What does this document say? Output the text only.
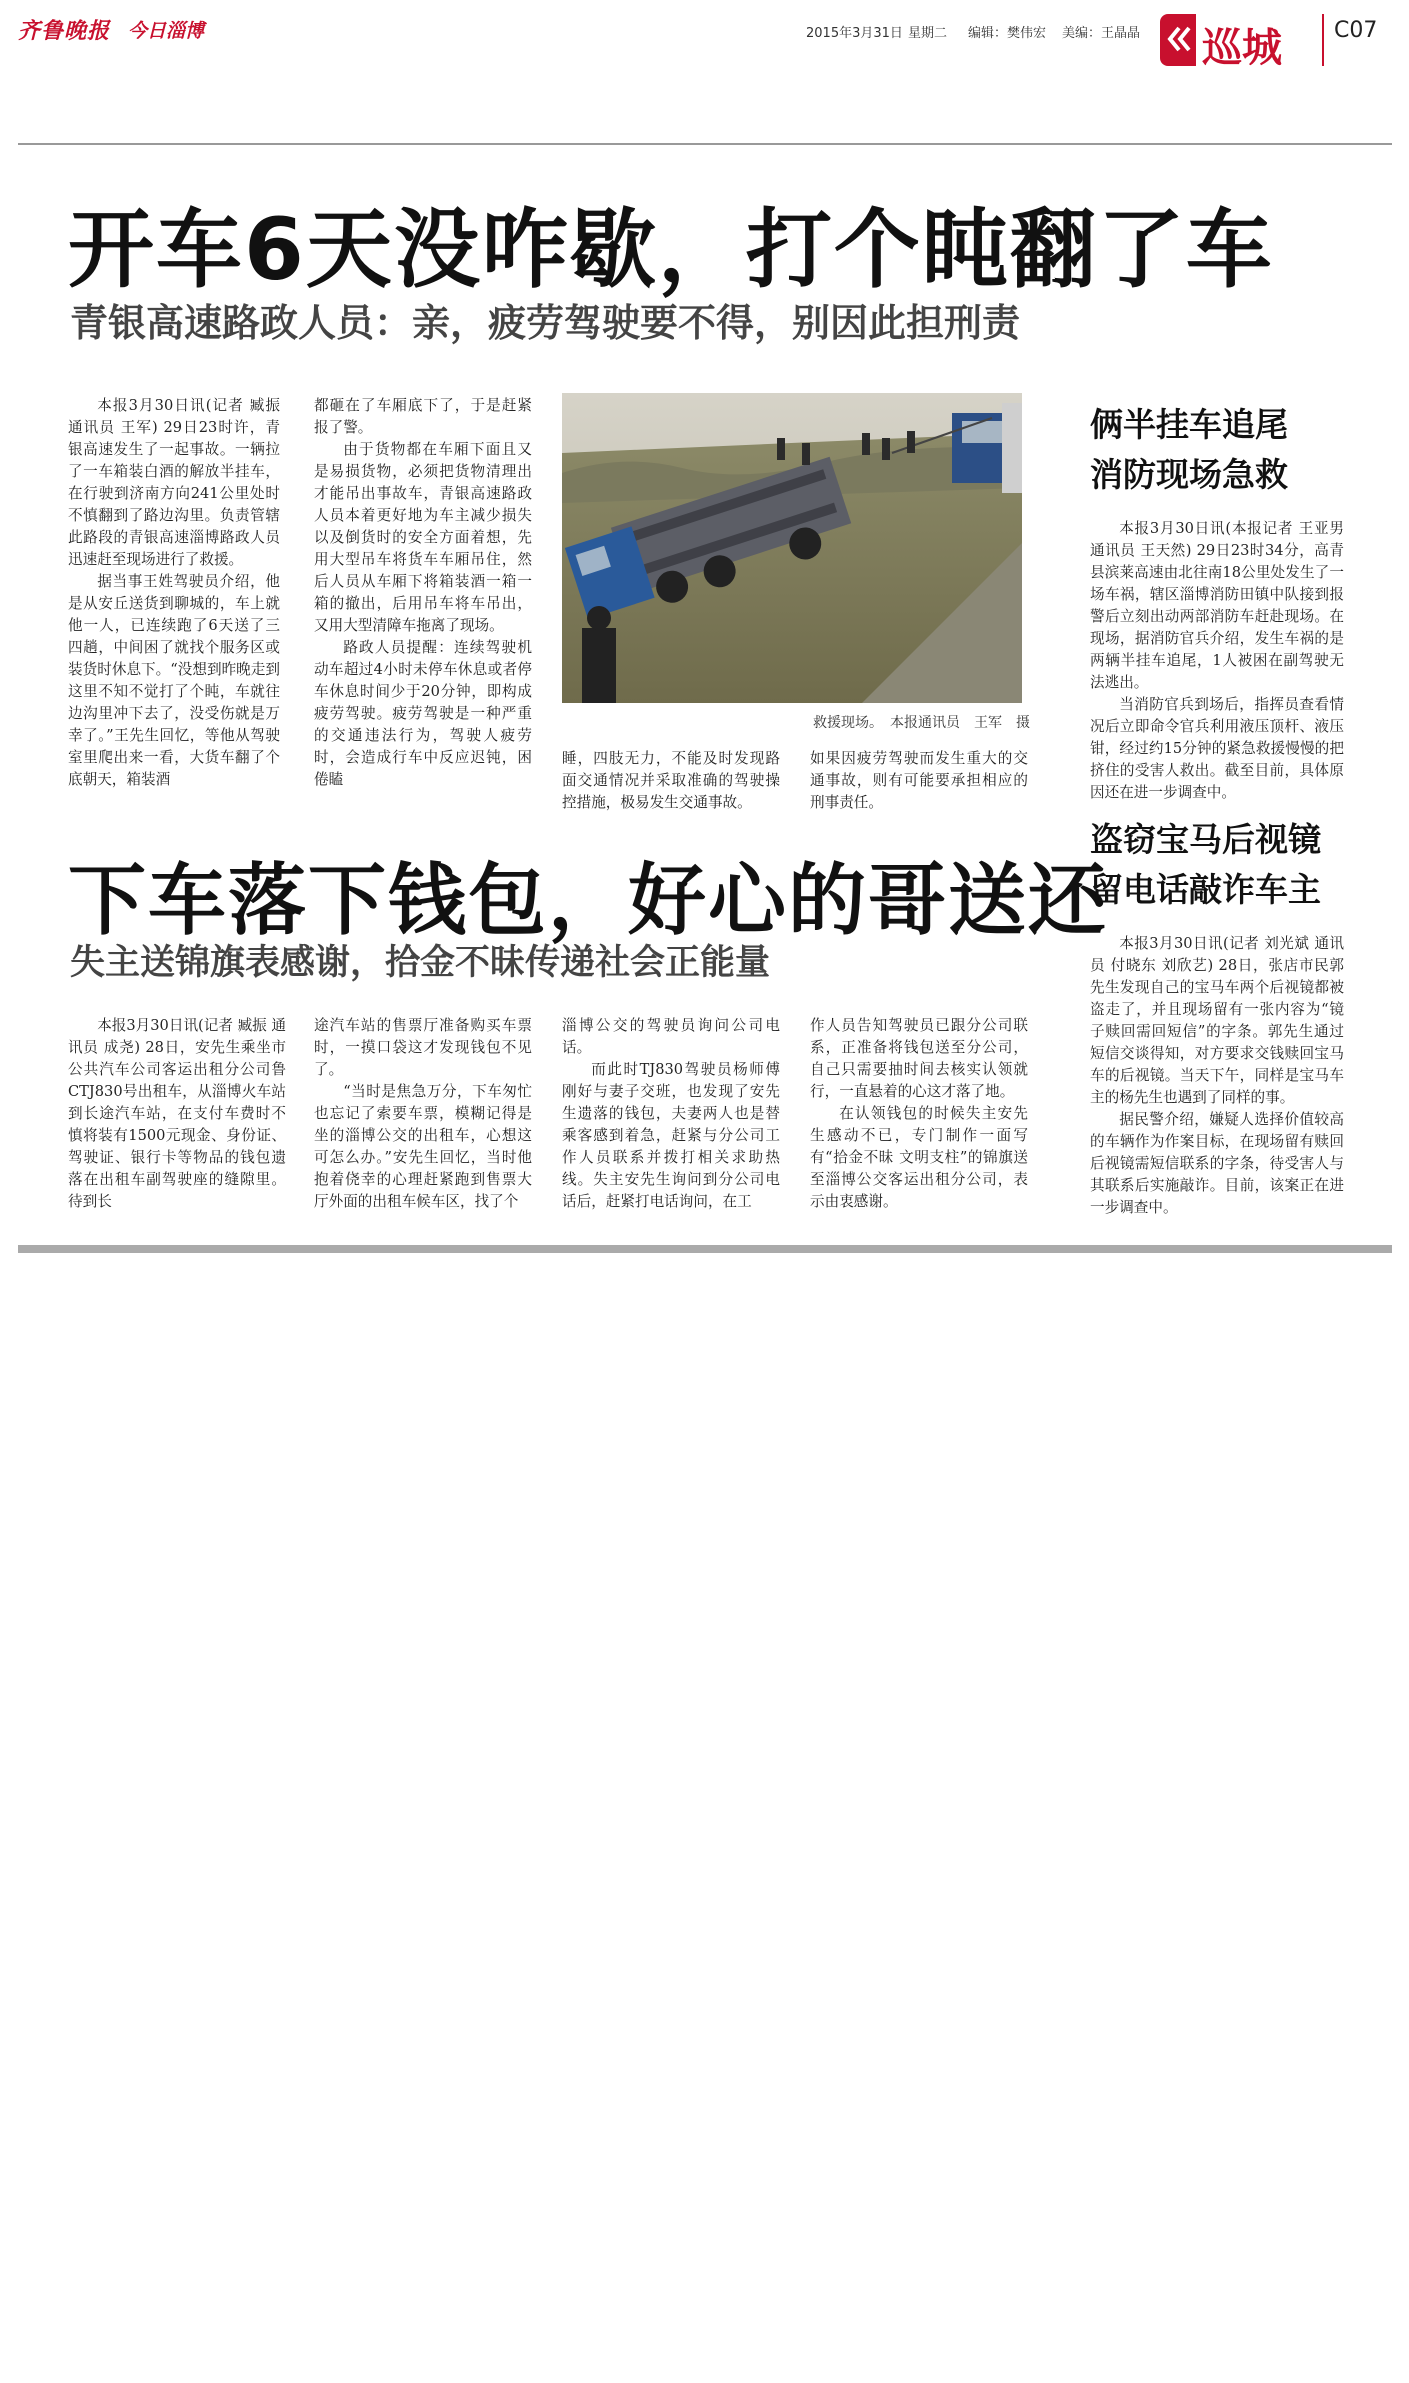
齐鲁晚报 今日淄博	2015年3月31日 星期二 编辑：樊伟宏 美编：王晶晶 巡城 C07
开车6天没咋歇，打个盹翻了车
青银高速路政人员：亲，疲劳驾驶要不得，别因此担刑责

本报3月30日讯(记者 臧振 通讯员 王军) 29日23时许，青银高速发生了一起事故。一辆拉了一车箱装白酒的解放半挂车，在行驶到济南方向241公里处时不慎翻到了路边沟里。负责管辖此路段的青银高速淄博路政人员迅速赶至现场进行了救援。

据当事王姓驾驶员介绍，他是从安丘送货到聊城的，车上就他一人，已连续跑了6天送了三四趟，中间困了就找个服务区或装货时休息下。“没想到昨晚走到这里不知不觉打了个盹，车就往边沟里冲下去了，没受伤就是万幸了。”王先生回忆，等他从驾驶室里爬出来一看，大货车翻了个底朝天，箱装酒

都砸在了车厢底下了，于是赶紧报了警。

由于货物都在车厢下面且又是易损货物，必须把货物清理出才能吊出事故车，青银高速路政人员本着更好地为车主减少损失以及倒货时的安全方面着想，先用大型吊车将货车车厢吊住，然后人员从车厢下将箱装酒一箱一箱的撤出，后用吊车将车吊出，又用大型清障车拖离了现场。

路政人员提醒：连续驾驶机动车超过4小时未停车休息或者停车休息时间少于20分钟，即构成疲劳驾驶。疲劳驾驶是一种严重的交通违法行为，驾驶人疲劳时，会造成行车中反应迟钝，困倦瞌

救援现场。　本报通讯员　王军　摄

睡，四肢无力，不能及时发现路面交通情况并采取准确的驾驶操控措施，极易发生交通事故。

如果因疲劳驾驶而发生重大的交通事故，则有可能要承担相应的刑事责任。

下车落下钱包，好心的哥送还
失主送锦旗表感谢，拾金不昧传递社会正能量

本报3月30日讯(记者 臧振 通讯员 成尧) 28日，安先生乘坐市公共汽车公司客运出租分公司鲁CTJ830号出租车，从淄博火车站到长途汽车站，在支付车费时不慎将装有1500元现金、身份证、驾驶证、银行卡等物品的钱包遗落在出租车副驾驶座的缝隙里。待到长

途汽车站的售票厅准备购买车票时，一摸口袋这才发现钱包不见了。

“当时是焦急万分，下车匆忙也忘记了索要车票，模糊记得是坐的淄博公交的出租车，心想这可怎么办。”安先生回忆，当时他抱着侥幸的心理赶紧跑到售票大厅外面的出租车候车区，找了个

淄博公交的驾驶员询问公司电话。

而此时TJ830驾驶员杨师傅刚好与妻子交班，也发现了安先生遗落的钱包，夫妻两人也是替乘客感到着急，赶紧与分公司工作人员联系并拨打相关求助热线。失主安先生询问到分公司电话后，赶紧打电话询问，在工

作人员告知驾驶员已跟分公司联系，正准备将钱包送至分公司，自己只需要抽时间去核实认领就行，一直悬着的心这才落了地。

在认领钱包的时候失主安先生感动不已，专门制作一面写有“拾金不昧 文明支柱”的锦旗送至淄博公交客运出租分公司，表示由衷感谢。

俩半挂车追尾
消防现场急救

本报3月30日讯(本报记者 王亚男 通讯员 王天然) 29日23时34分，高青县滨莱高速由北往南18公里处发生了一场车祸，辖区淄博消防田镇中队接到报警后立刻出动两部消防车赶赴现场。在现场，据消防官兵介绍，发生车祸的是两辆半挂车追尾，1人被困在副驾驶无法逃出。

当消防官兵到场后，指挥员查看情况后立即命令官兵利用液压顶杆、液压钳，经过约15分钟的紧急救援慢慢的把挤住的受害人救出。截至目前，具体原因还在进一步调查中。

盗窃宝马后视镜
留电话敲诈车主

本报3月30日讯(记者 刘光斌 通讯员 付晓东 刘欣艺) 28日，张店市民郭先生发现自己的宝马车两个后视镜都被盗走了，并且现场留有一张内容为“镜子赎回需回短信”的字条。郭先生通过短信交谈得知，对方要求交钱赎回宝马车的后视镜。当天下午，同样是宝马车主的杨先生也遇到了同样的事。

据民警介绍，嫌疑人选择价值较高的车辆作为作案目标，在现场留有赎回后视镜需短信联系的字条，待受害人与其联系后实施敲诈。目前，该案正在进一步调查中。
